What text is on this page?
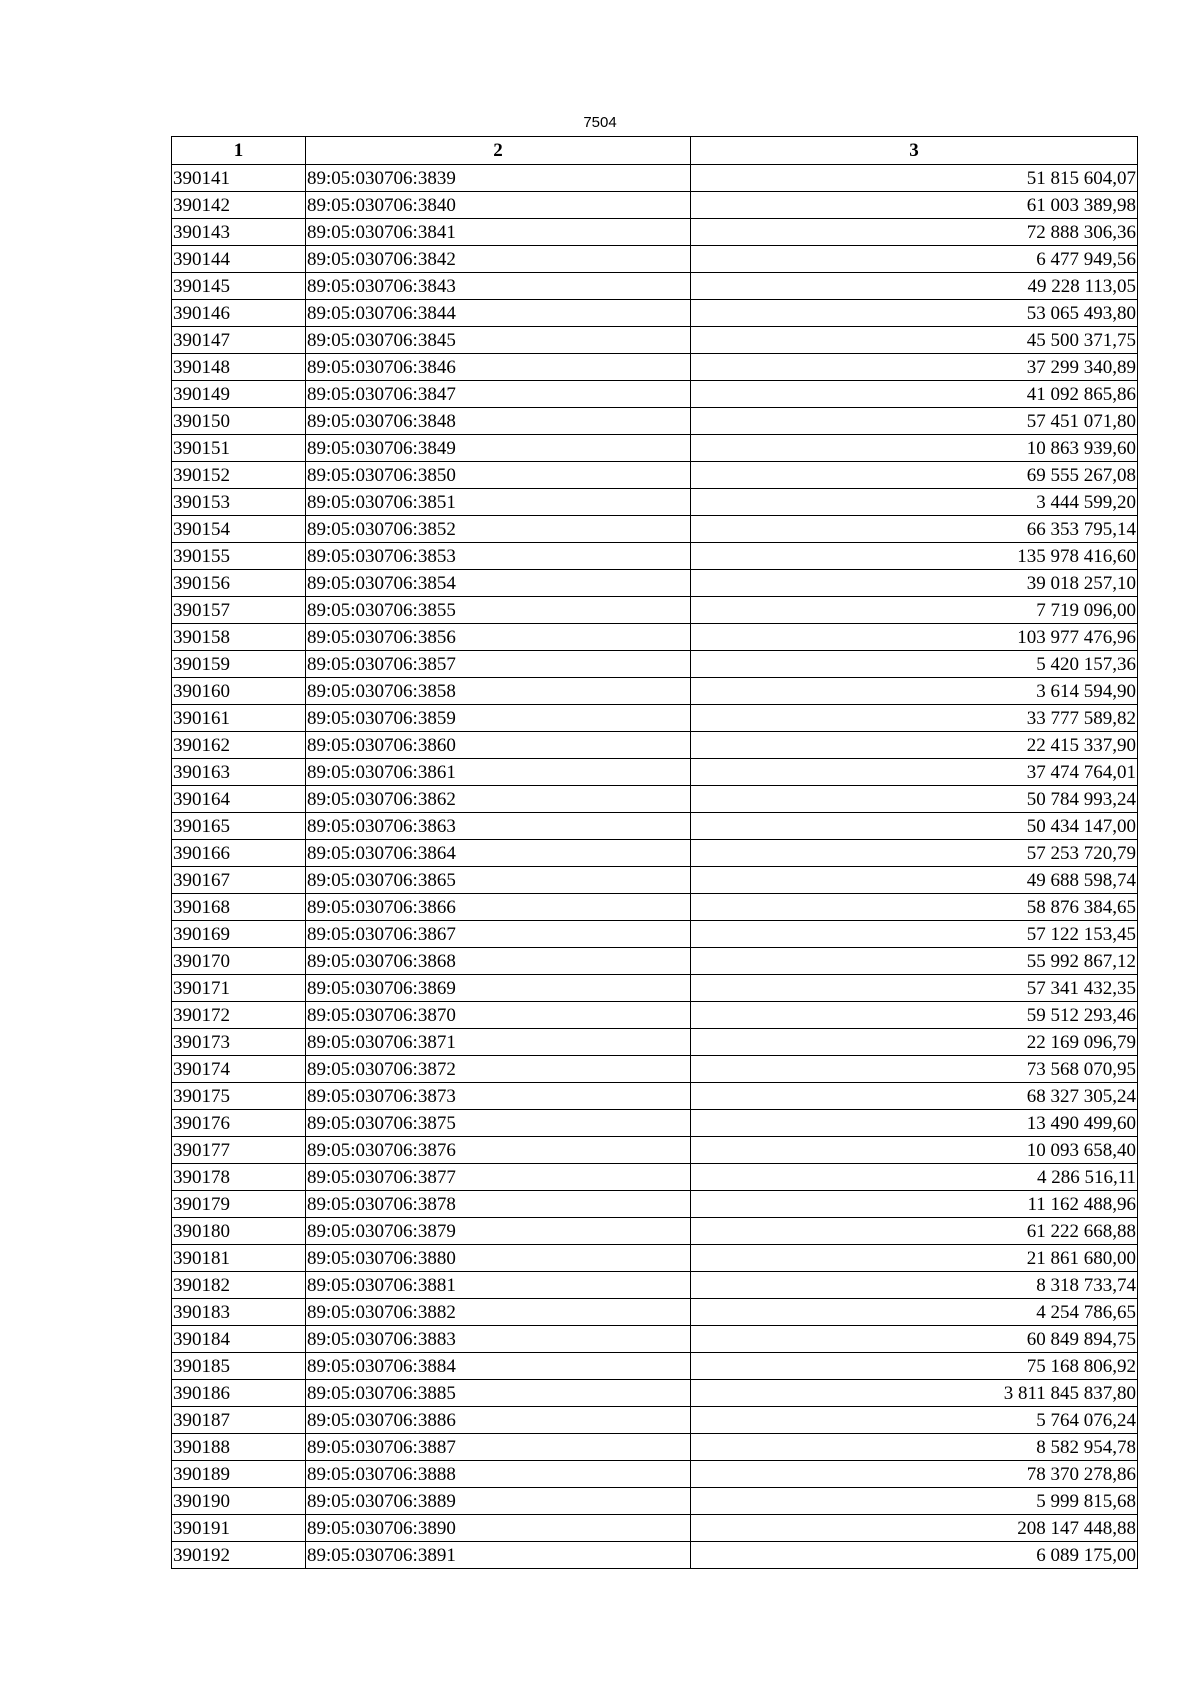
7504
1	2	3
390141	89:05:030706:3839	51 815 604,07
390142	89:05:030706:3840	61 003 389,98
390143	89:05:030706:3841	72 888 306,36
390144	89:05:030706:3842	6 477 949,56
390145	89:05:030706:3843	49 228 113,05
390146	89:05:030706:3844	53 065 493,80
390147	89:05:030706:3845	45 500 371,75
390148	89:05:030706:3846	37 299 340,89
390149	89:05:030706:3847	41 092 865,86
390150	89:05:030706:3848	57 451 071,80
390151	89:05:030706:3849	10 863 939,60
390152	89:05:030706:3850	69 555 267,08
390153	89:05:030706:3851	3 444 599,20
390154	89:05:030706:3852	66 353 795,14
390155	89:05:030706:3853	135 978 416,60
390156	89:05:030706:3854	39 018 257,10
390157	89:05:030706:3855	7 719 096,00
390158	89:05:030706:3856	103 977 476,96
390159	89:05:030706:3857	5 420 157,36
390160	89:05:030706:3858	3 614 594,90
390161	89:05:030706:3859	33 777 589,82
390162	89:05:030706:3860	22 415 337,90
390163	89:05:030706:3861	37 474 764,01
390164	89:05:030706:3862	50 784 993,24
390165	89:05:030706:3863	50 434 147,00
390166	89:05:030706:3864	57 253 720,79
390167	89:05:030706:3865	49 688 598,74
390168	89:05:030706:3866	58 876 384,65
390169	89:05:030706:3867	57 122 153,45
390170	89:05:030706:3868	55 992 867,12
390171	89:05:030706:3869	57 341 432,35
390172	89:05:030706:3870	59 512 293,46
390173	89:05:030706:3871	22 169 096,79
390174	89:05:030706:3872	73 568 070,95
390175	89:05:030706:3873	68 327 305,24
390176	89:05:030706:3875	13 490 499,60
390177	89:05:030706:3876	10 093 658,40
390178	89:05:030706:3877	4 286 516,11
390179	89:05:030706:3878	11 162 488,96
390180	89:05:030706:3879	61 222 668,88
390181	89:05:030706:3880	21 861 680,00
390182	89:05:030706:3881	8 318 733,74
390183	89:05:030706:3882	4 254 786,65
390184	89:05:030706:3883	60 849 894,75
390185	89:05:030706:3884	75 168 806,92
390186	89:05:030706:3885	3 811 845 837,80
390187	89:05:030706:3886	5 764 076,24
390188	89:05:030706:3887	8 582 954,78
390189	89:05:030706:3888	78 370 278,86
390190	89:05:030706:3889	5 999 815,68
390191	89:05:030706:3890	208 147 448,88
390192	89:05:030706:3891	6 089 175,00
